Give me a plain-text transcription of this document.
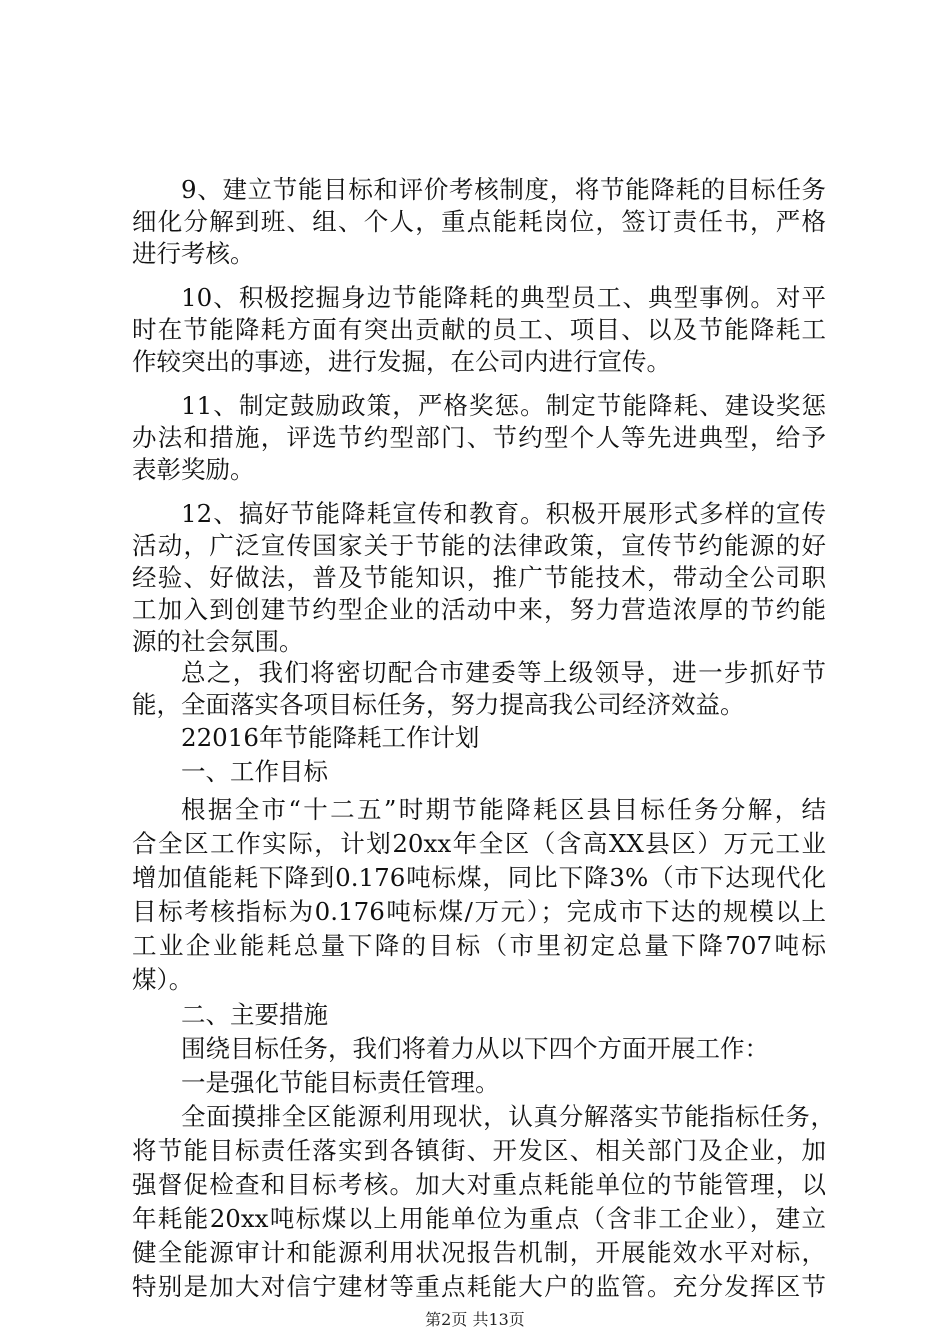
9、建立节能目标和评价考核制度，将节能降耗的目标任务

细化分解到班、组、个人，重点能耗岗位，签订责任书，严格

进行考核。

10、积极挖掘身边节能降耗的典型员工、典型事例。对平

时在节能降耗方面有突出贡献的员工、项目、以及节能降耗工

作较突出的事迹，进行发掘，在公司内进行宣传。

11、制定鼓励政策，严格奖惩。制定节能降耗、建设奖惩

办法和措施，评选节约型部门、节约型个人等先进典型，给予

表彰奖励。

12、搞好节能降耗宣传和教育。积极开展形式多样的宣传

活动，广泛宣传国家关于节能的法律政策，宣传节约能源的好

经验、好做法，普及节能知识，推广节能技术，带动全公司职

工加入到创建节约型企业的活动中来，努力营造浓厚的节约能

源的社会氛围。

总之，我们将密切配合市建委等上级领导，进一步抓好节

能，全面落实各项目标任务，努力提高我公司经济效益。

22016年节能降耗工作计划

一、工作目标

根据全市“十二五”时期节能降耗区县目标任务分解，结

合全区工作实际，计划20xx年全区（含高XX县区）万元工业

增加值能耗下降到0.176吨标煤，同比下降3%（市下达现代化

目标考核指标为0.176吨标煤/万元）；完成市下达的规模以上

工业企业能耗总量下降的目标（市里初定总量下降707吨标

煤）。

二、主要措施

围绕目标任务，我们将着力从以下四个方面开展工作：

一是强化节能目标责任管理。

全面摸排全区能源利用现状，认真分解落实节能指标任务，

将节能目标责任落实到各镇街、开发区、相关部门及企业，加

强督促检查和目标考核。加大对重点耗能单位的节能管理，以

年耗能20xx吨标煤以上用能单位为重点（含非工企业），建立

健全能源审计和能源利用状况报告机制，开展能效水平对标，

特别是加大对信宁建材等重点耗能大户的监管。充分发挥区节

第2页 共13页
